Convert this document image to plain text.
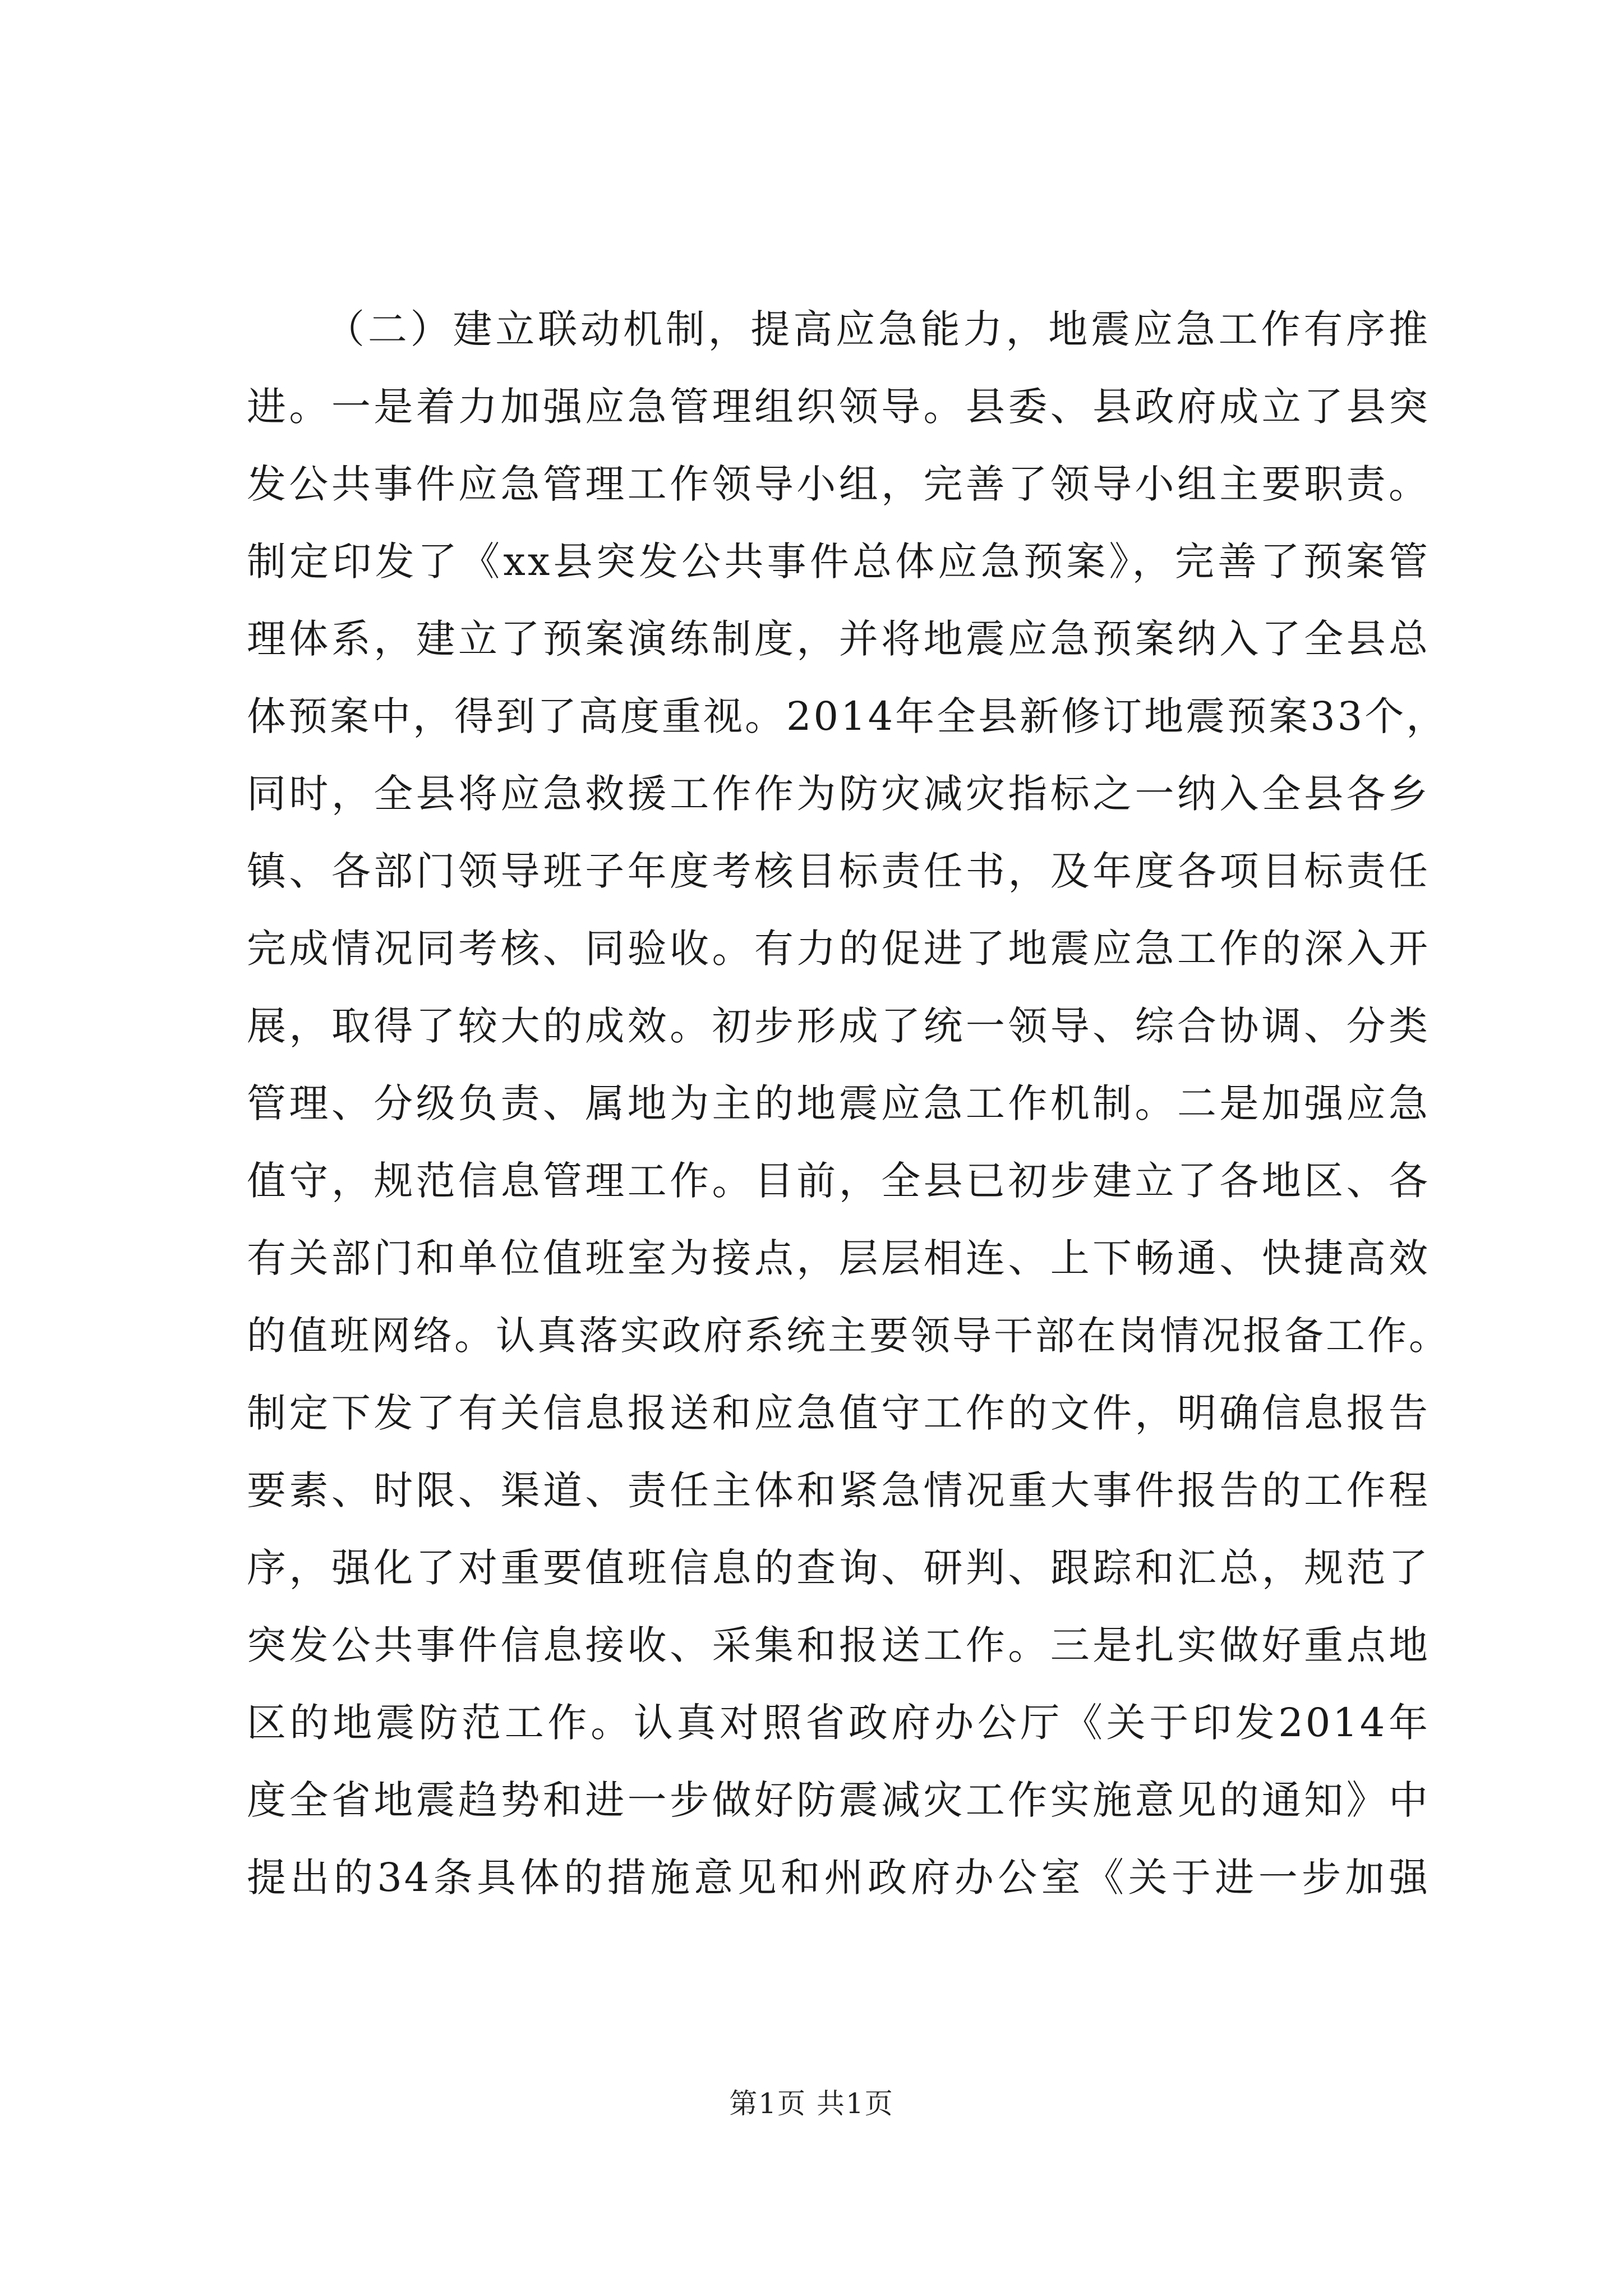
（二）建立联动机制，提高应急能力，地震应急工作有序推
进。一是着力加强应急管理组织领导。县委、县政府成立了县突
发公共事件应急管理工作领导小组，完善了领导小组主要职责。
制定印发了《xx县突发公共事件总体应急预案》，完善了预案管
理体系，建立了预案演练制度，并将地震应急预案纳入了全县总
体预案中，得到了高度重视。2014年全县新修订地震预案33个，
同时，全县将应急救援工作作为防灾减灾指标之一纳入全县各乡
镇、各部门领导班子年度考核目标责任书，及年度各项目标责任
完成情况同考核、同验收。有力的促进了地震应急工作的深入开
展，取得了较大的成效。初步形成了统一领导、综合协调、分类
管理、分级负责、属地为主的地震应急工作机制。二是加强应急
值守，规范信息管理工作。目前，全县已初步建立了各地区、各
有关部门和单位值班室为接点，层层相连、上下畅通、快捷高效
的值班网络。认真落实政府系统主要领导干部在岗情况报备工作。
制定下发了有关信息报送和应急值守工作的文件，明确信息报告
要素、时限、渠道、责任主体和紧急情况重大事件报告的工作程
序，强化了对重要值班信息的查询、研判、跟踪和汇总，规范了
突发公共事件信息接收、采集和报送工作。三是扎实做好重点地
区的地震防范工作。认真对照省政府办公厅《关于印发2014年
度全省地震趋势和进一步做好防震减灾工作实施意见的通知》中
提出的34条具体的措施意见和州政府办公室《关于进一步加强
第1页 共1页
